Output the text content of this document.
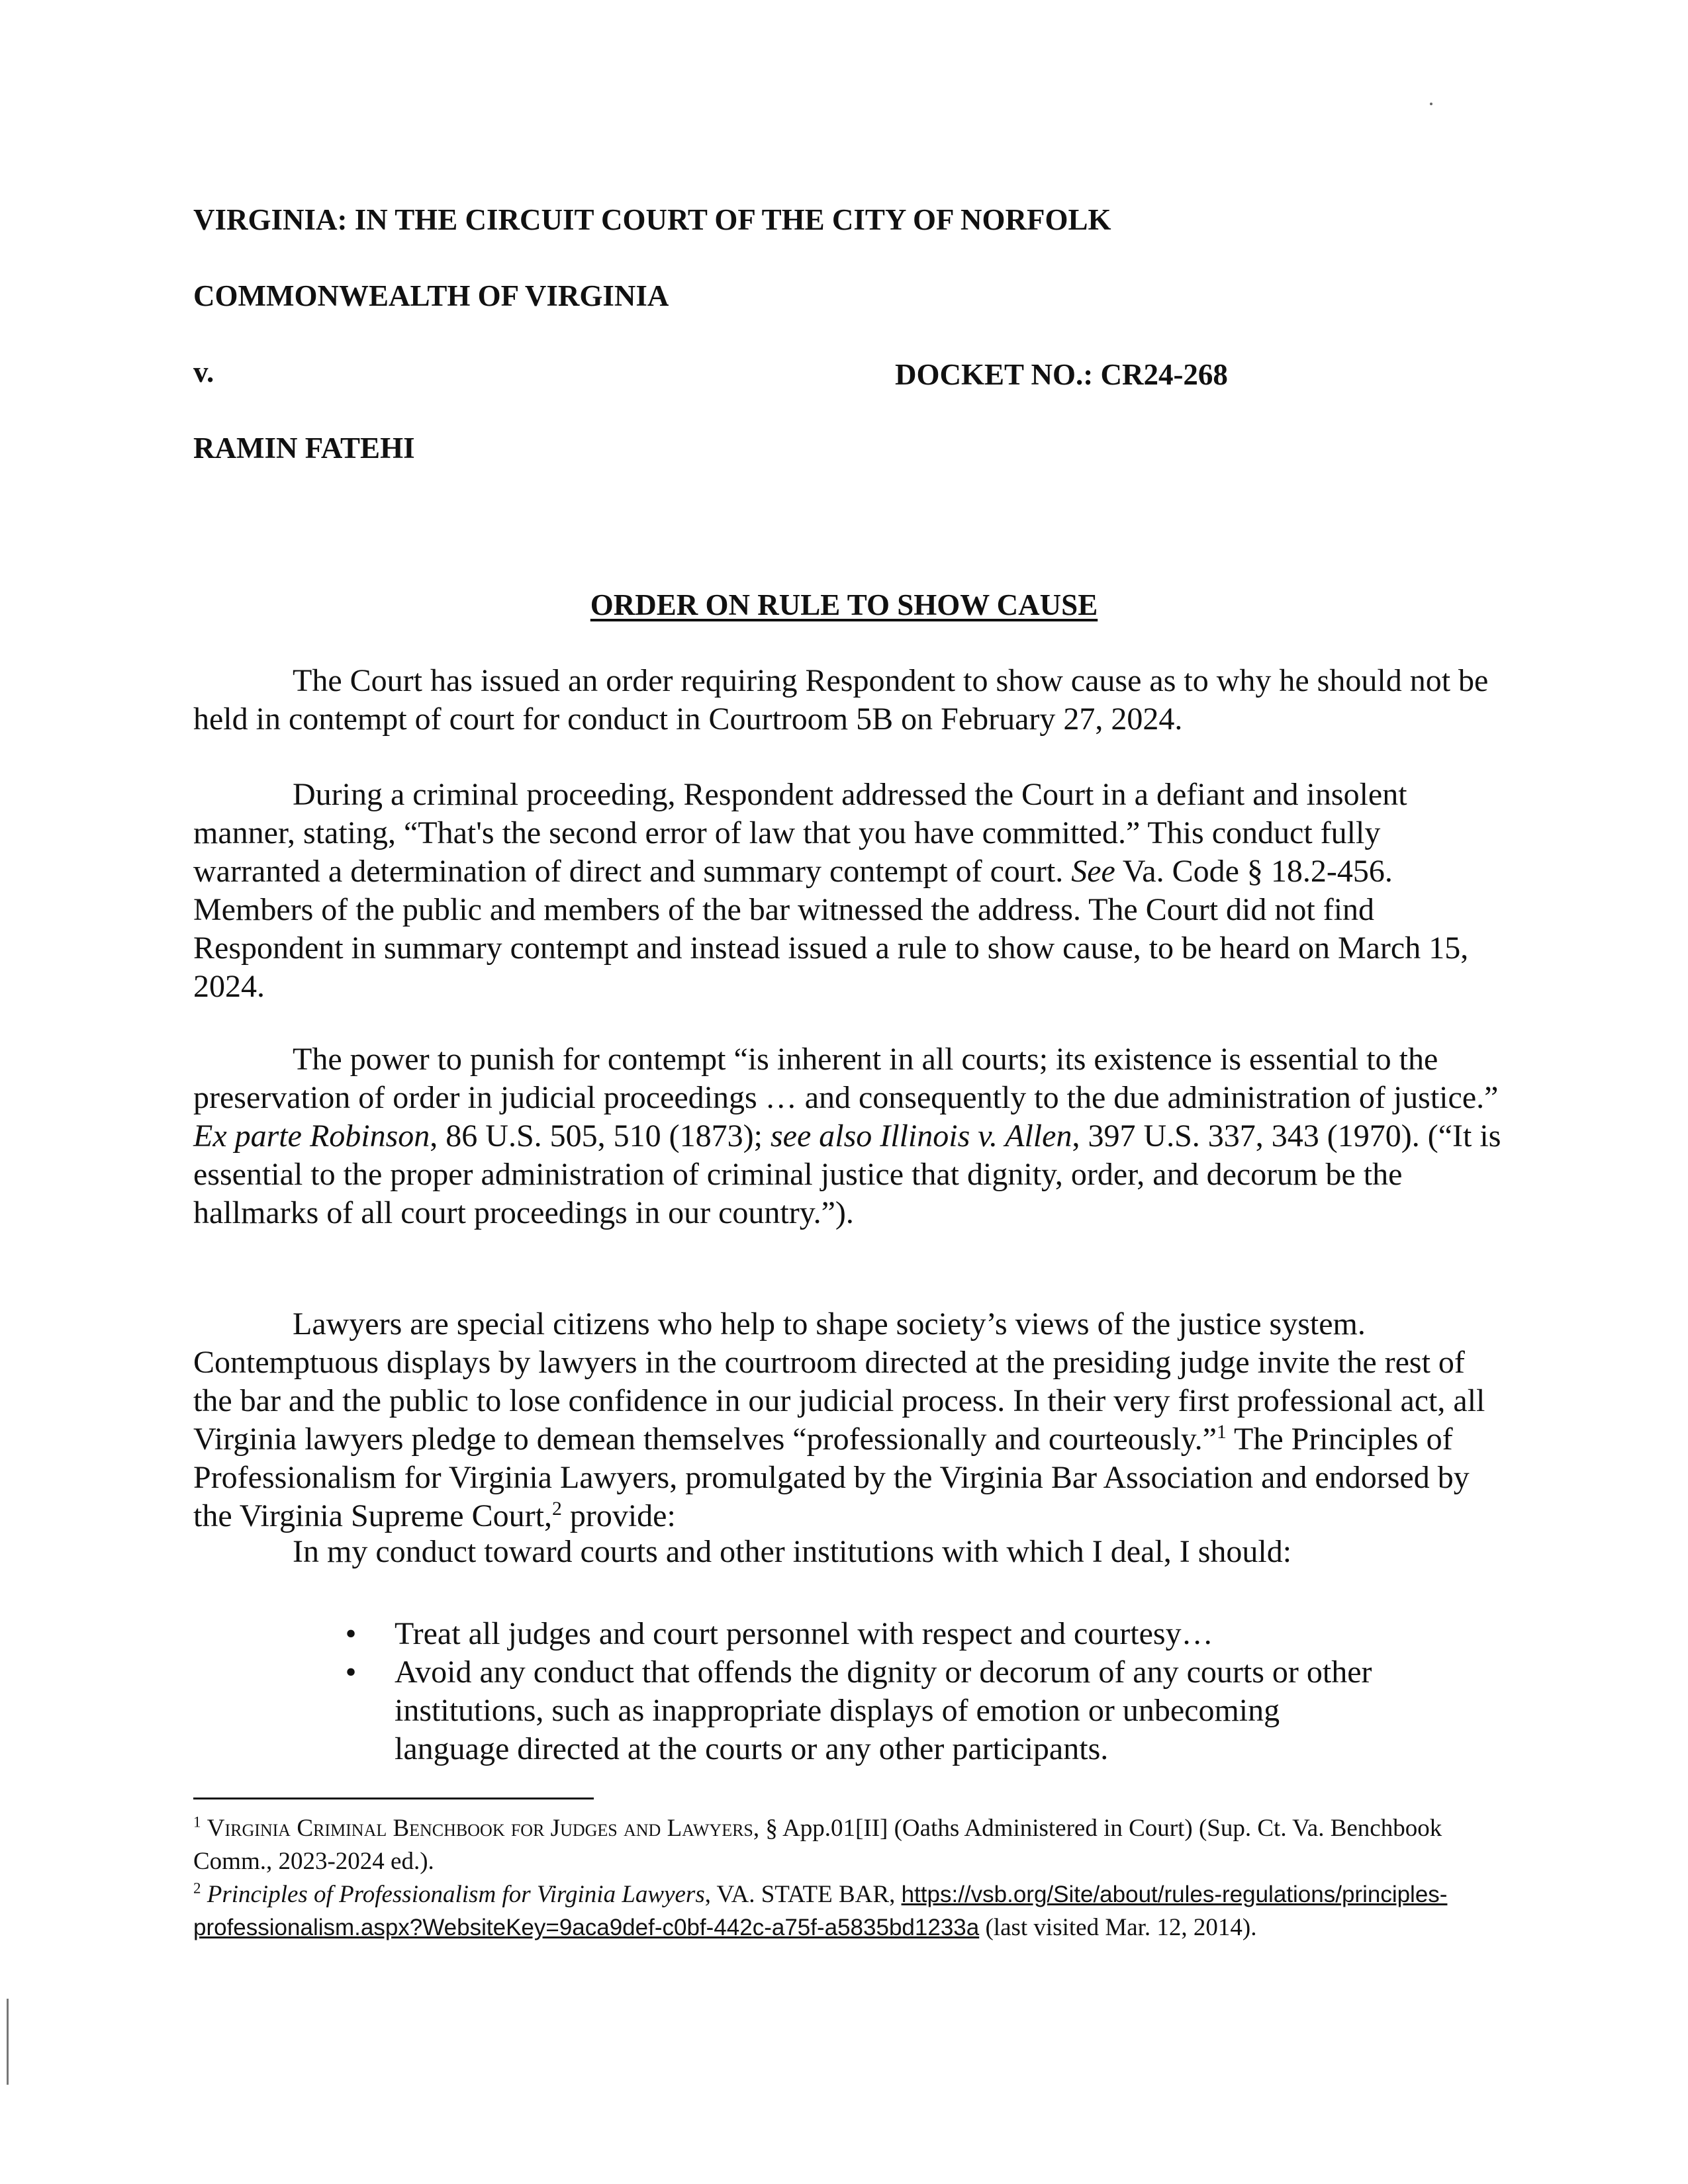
VIRGINIA: IN THE CIRCUIT COURT OF THE CITY OF NORFOLK
COMMONWEALTH OF VIRGINIA
v.	DOCKET NO.: CR24-268
RAMIN FATEHI
ORDER ON RULE TO SHOW CAUSE

The Court has issued an order requiring Respondent to show cause as to why he should not be held in contempt of court for conduct in Courtroom 5B on February 27, 2024.

During a criminal proceeding, Respondent addressed the Court in a defiant and insolent manner, stating, “That's the second error of law that you have committed.” This conduct fully warranted a determination of direct and summary contempt of court. See Va. Code § 18.2-456. Members of the public and members of the bar witnessed the address. The Court did not find Respondent in summary contempt and instead issued a rule to show cause, to be heard on March 15, 2024.

The power to punish for contempt “is inherent in all courts; its existence is essential to the preservation of order in judicial proceedings … and consequently to the due administration of justice.” Ex parte Robinson, 86 U.S. 505, 510 (1873); see also Illinois v. Allen, 397 U.S. 337, 343 (1970). (“It is essential to the proper administration of criminal justice that dignity, order, and decorum be the hallmarks of all court proceedings in our country.”).

Lawyers are special citizens who help to shape society’s views of the justice system. Contemptuous displays by lawyers in the courtroom directed at the presiding judge invite the rest of the bar and the public to lose confidence in our judicial process. In their very first professional act, all Virginia lawyers pledge to demean themselves “professionally and courteously.”$^1$ The Principles of Professionalism for Virginia Lawyers, promulgated by the Virginia Bar Association and endorsed by the Virginia Supreme Court,$^2$ provide:

In my conduct toward courts and other institutions with which I deal, I should:

• Treat all judges and court personnel with respect and courtesy…
• Avoid any conduct that offends the dignity or decorum of any courts or other institutions, such as inappropriate displays of emotion or unbecoming language directed at the courts or any other participants.

$^1$ Virginia Criminal Benchbook for Judges and Lawyers, § App.01[II] (Oaths Administered in Court) (Sup. Ct. Va. Benchbook Comm., 2023-2024 ed.).

$^2$ Principles of Professionalism for Virginia Lawyers, VA. STATE BAR, https://vsb.org/Site/about/rules-regulations/principles-professionalism.aspx?WebsiteKey=9aca9def-c0bf-442c-a75f-a5835bd1233a (last visited Mar. 12, 2014).
